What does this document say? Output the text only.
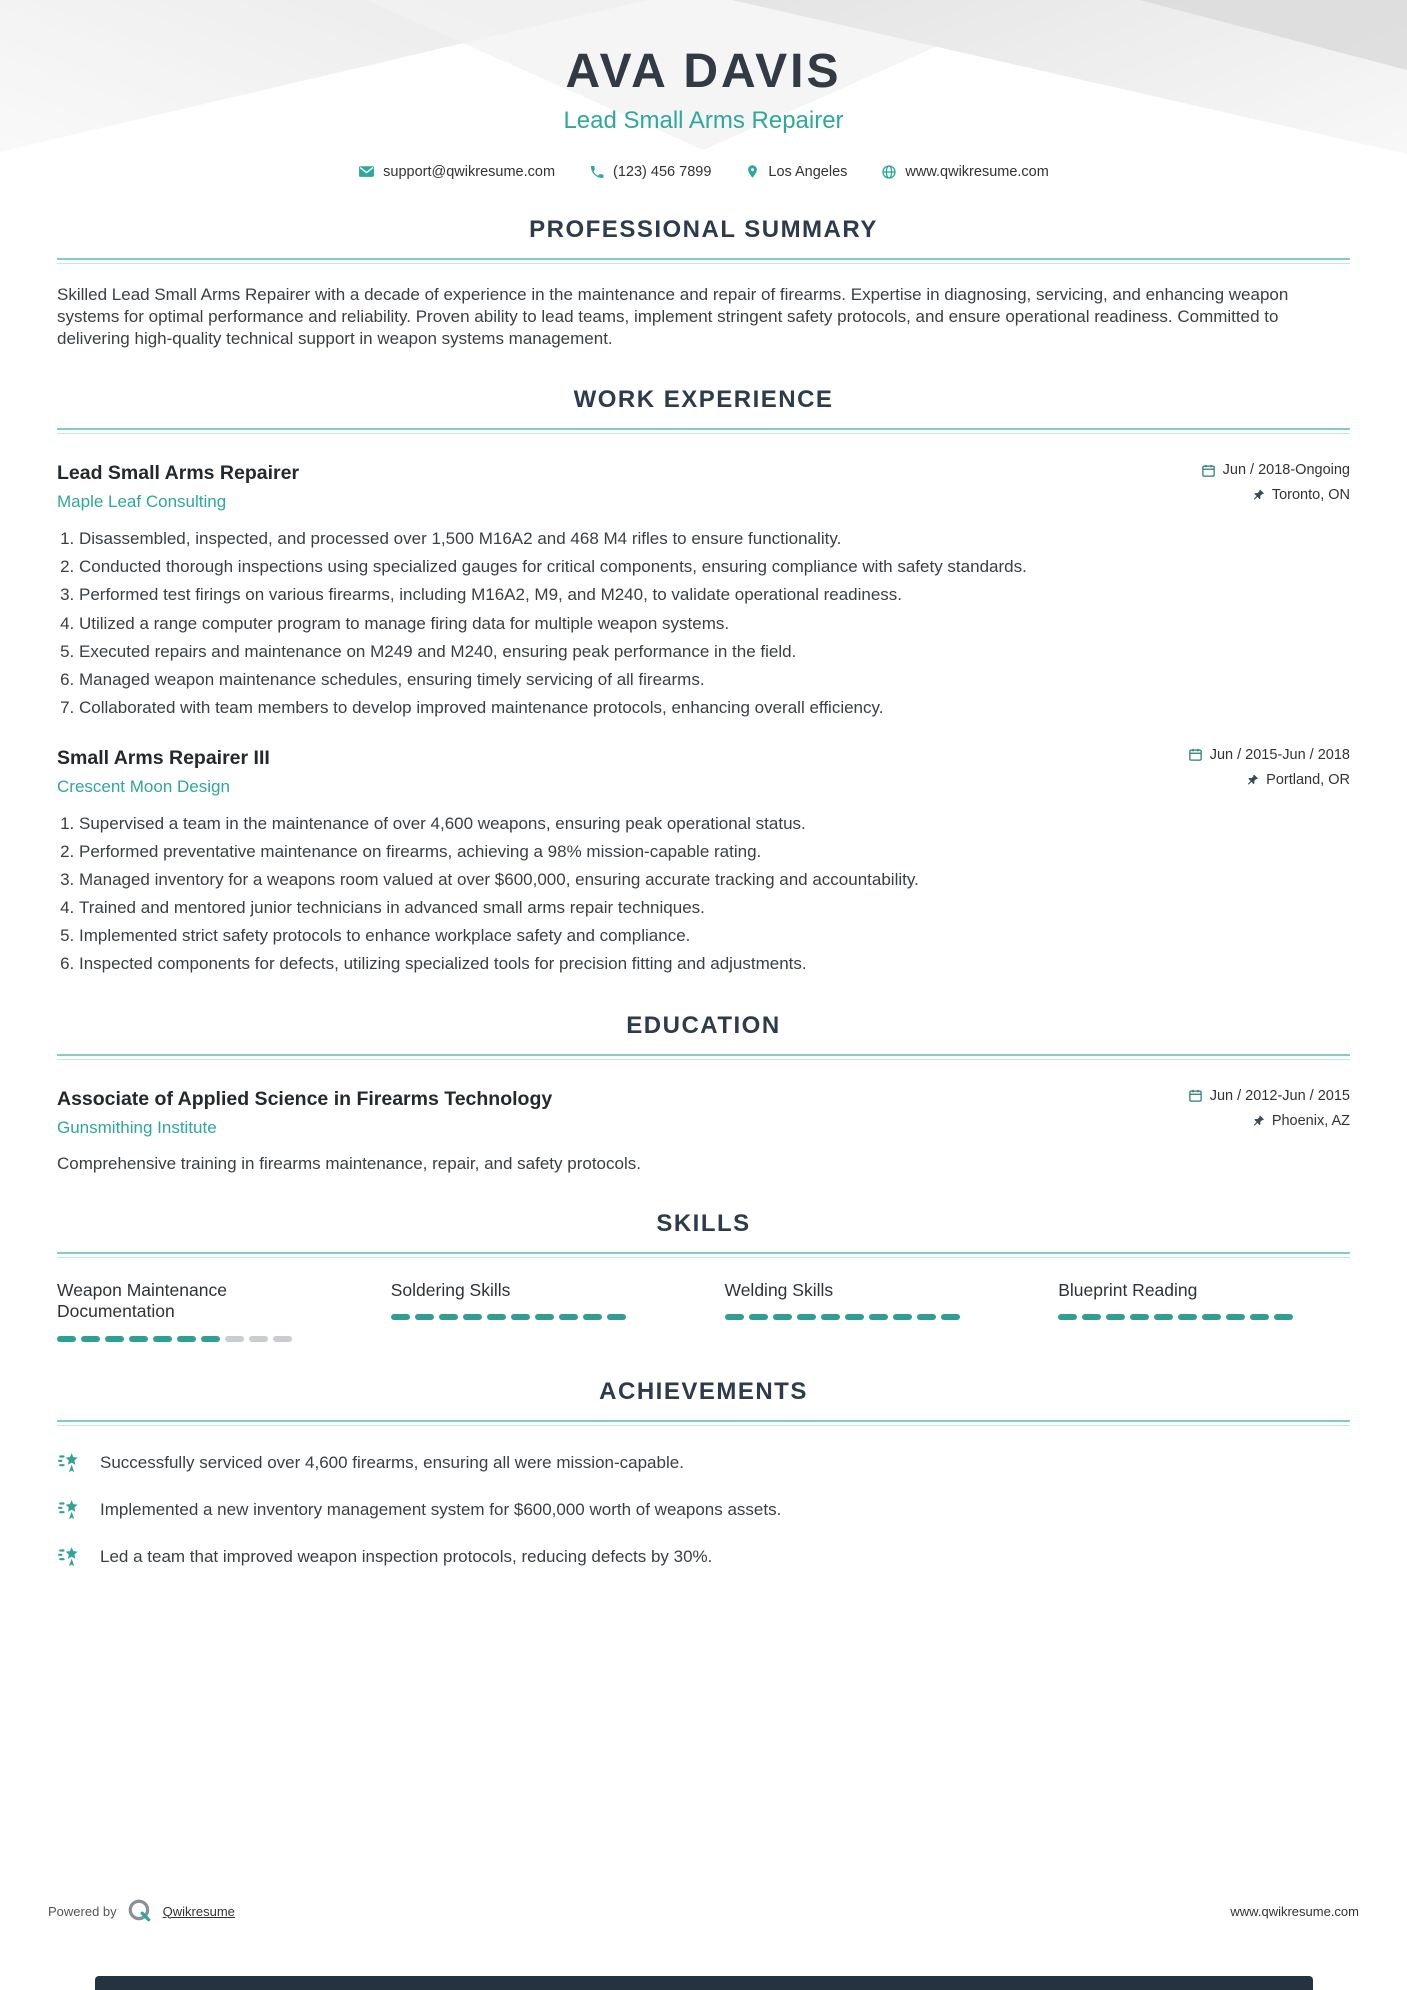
AVA DAVIS
Lead Small Arms Repairer
support@qwikresume.com	(123) 456 7899	Los Angeles	www.qwikresume.com
PROFESSIONAL SUMMARY

Skilled Lead Small Arms Repairer with a decade of experience in the maintenance and repair of firearms. Expertise in diagnosing, servicing, and enhancing weapon systems for optimal performance and reliability. Proven ability to lead teams, implement stringent safety protocols, and ensure operational readiness. Committed to delivering high-quality technical support in weapon systems management.

WORK EXPERIENCE
Lead Small Arms Repairer
Maple Leaf Consulting
Jun / 2018-Ongoing
Toronto, ON
1. Disassembled, inspected, and processed over 1,500 M16A2 and 468 M4 rifles to ensure functionality.
2. Conducted thorough inspections using specialized gauges for critical components, ensuring compliance with safety standards.
3. Performed test firings on various firearms, including M16A2, M9, and M240, to validate operational readiness.
4. Utilized a range computer program to manage firing data for multiple weapon systems.
5. Executed repairs and maintenance on M249 and M240, ensuring peak performance in the field.
6. Managed weapon maintenance schedules, ensuring timely servicing of all firearms.
7. Collaborated with team members to develop improved maintenance protocols, enhancing overall efficiency.
Small Arms Repairer III
Crescent Moon Design
Jun / 2015-Jun / 2018
Portland, OR
1. Supervised a team in the maintenance of over 4,600 weapons, ensuring peak operational status.
2. Performed preventative maintenance on firearms, achieving a 98% mission-capable rating.
3. Managed inventory for a weapons room valued at over $600,000, ensuring accurate tracking and accountability.
4. Trained and mentored junior technicians in advanced small arms repair techniques.
5. Implemented strict safety protocols to enhance workplace safety and compliance.
6. Inspected components for defects, utilizing specialized tools for precision fitting and adjustments.
EDUCATION
Associate of Applied Science in Firearms Technology
Gunsmithing Institute
Jun / 2012-Jun / 2015
Phoenix, AZ

Comprehensive training in firearms maintenance, repair, and safety protocols.

SKILLS
Weapon Maintenance Documentation
Soldering Skills	Welding Skills	Blueprint Reading
ACHIEVEMENTS
Successfully serviced over 4,600 firearms, ensuring all were mission-capable.
Implemented a new inventory management system for $600,000 worth of weapons assets.
Led a team that improved weapon inspection protocols, reducing defects by 30%.
Powered by	Qwikresume	www.qwikresume.com
